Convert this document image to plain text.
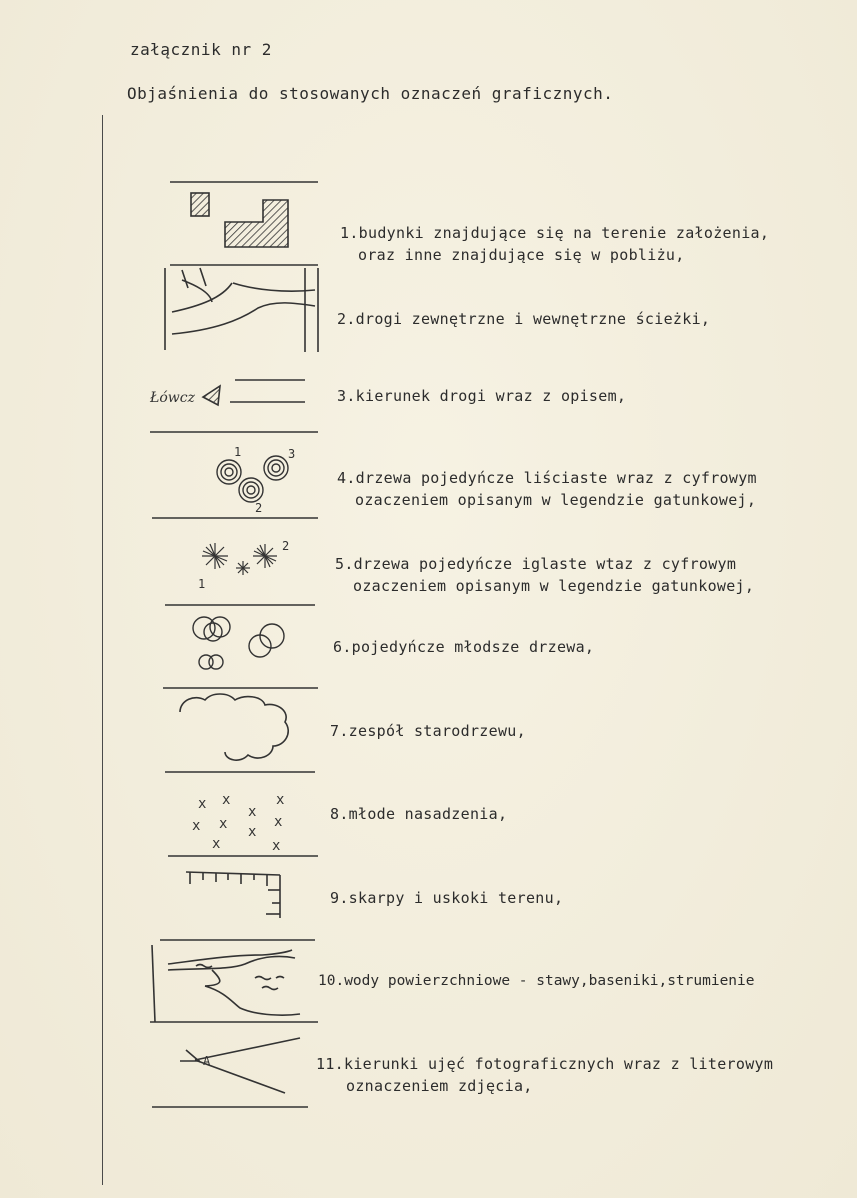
załącznik nr 2
Objaśnienia do stosowanych oznaczeń graficznych.
Łówcz
1
2
3
1
2
x x	x
x
x x	x
x
x	x
A
1.budynki znajdujące się na terenie założenia,
oraz inne znajdujące się w pobliżu,
2.drogi zewnętrzne i wewnętrzne ścieżki,
3.kierunek drogi wraz z opisem,
4.drzewa pojedyńcze liściaste wraz z cyfrowym
ozaczeniem opisanym w legendzie gatunkowej,
5.drzewa pojedyńcze iglaste wtaz z cyfrowym
ozaczeniem opisanym w legendzie gatunkowej,
6.pojedyńcze młodsze drzewa,
7.zespół starodrzewu,
8.młode nasadzenia,
9.skarpy i uskoki terenu,
10.wody powierzchniowe - stawy,baseniki,strumienie
11.kierunki ujęć fotograficznych wraz z literowym
oznaczeniem zdjęcia,
